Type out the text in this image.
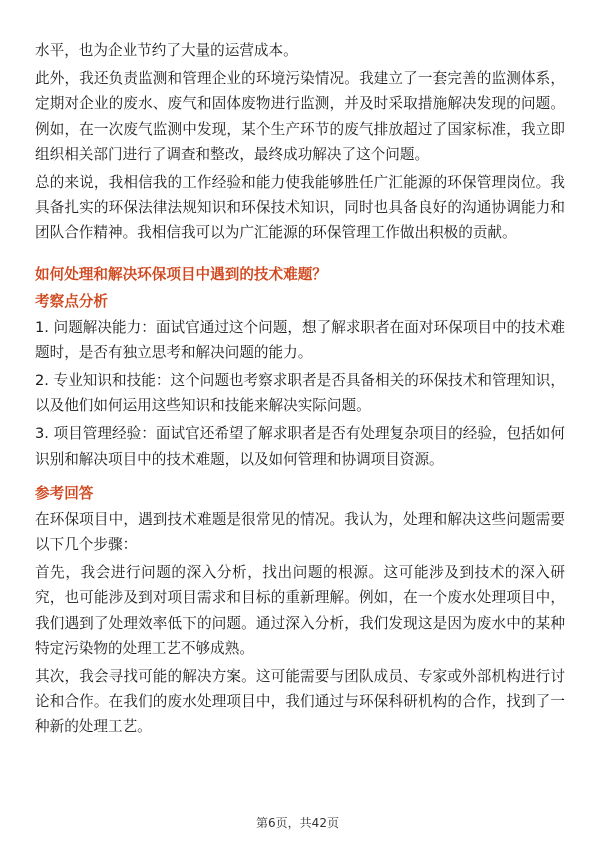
水平，也为企业节约了大量的运营成本。

此外，我还负责监测和管理企业的环境污染情况。我建立了一套完善的监测体系，定期对企业的废水、废气和固体废物进行监测，并及时采取措施解决发现的问题。例如，在一次废气监测中发现，某个生产环节的废气排放超过了国家标准，我立即组织相关部门进行了调查和整改，最终成功解决了这个问题。

总的来说，我相信我的工作经验和能力使我能够胜任广汇能源的环保管理岗位。我具备扎实的环保法律法规知识和环保技术知识，同时也具备良好的沟通协调能力和团队合作精神。我相信我可以为广汇能源的环保管理工作做出积极的贡献。

如何处理和解决环保项目中遇到的技术难题？
考察点分析

1. 问题解决能力：面试官通过这个问题，想了解求职者在面对环保项目中的技术难题时，是否有独立思考和解决问题的能力。

2. 专业知识和技能：这个问题也考察求职者是否具备相关的环保技术和管理知识，以及他们如何运用这些知识和技能来解决实际问题。

3. 项目管理经验：面试官还希望了解求职者是否有处理复杂项目的经验，包括如何识别和解决项目中的技术难题，以及如何管理和协调项目资源。

参考回答

在环保项目中，遇到技术难题是很常见的情况。我认为，处理和解决这些问题需要以下几个步骤：

首先，我会进行问题的深入分析，找出问题的根源。这可能涉及到技术的深入研究，也可能涉及到对项目需求和目标的重新理解。例如，在一个废水处理项目中，我们遇到了处理效率低下的问题。通过深入分析，我们发现这是因为废水中的某种特定污染物的处理工艺不够成熟。

其次，我会寻找可能的解决方案。这可能需要与团队成员、专家或外部机构进行讨论和合作。在我们的废水处理项目中，我们通过与环保科研机构的合作，找到了一种新的处理工艺。

第6页，共42页
